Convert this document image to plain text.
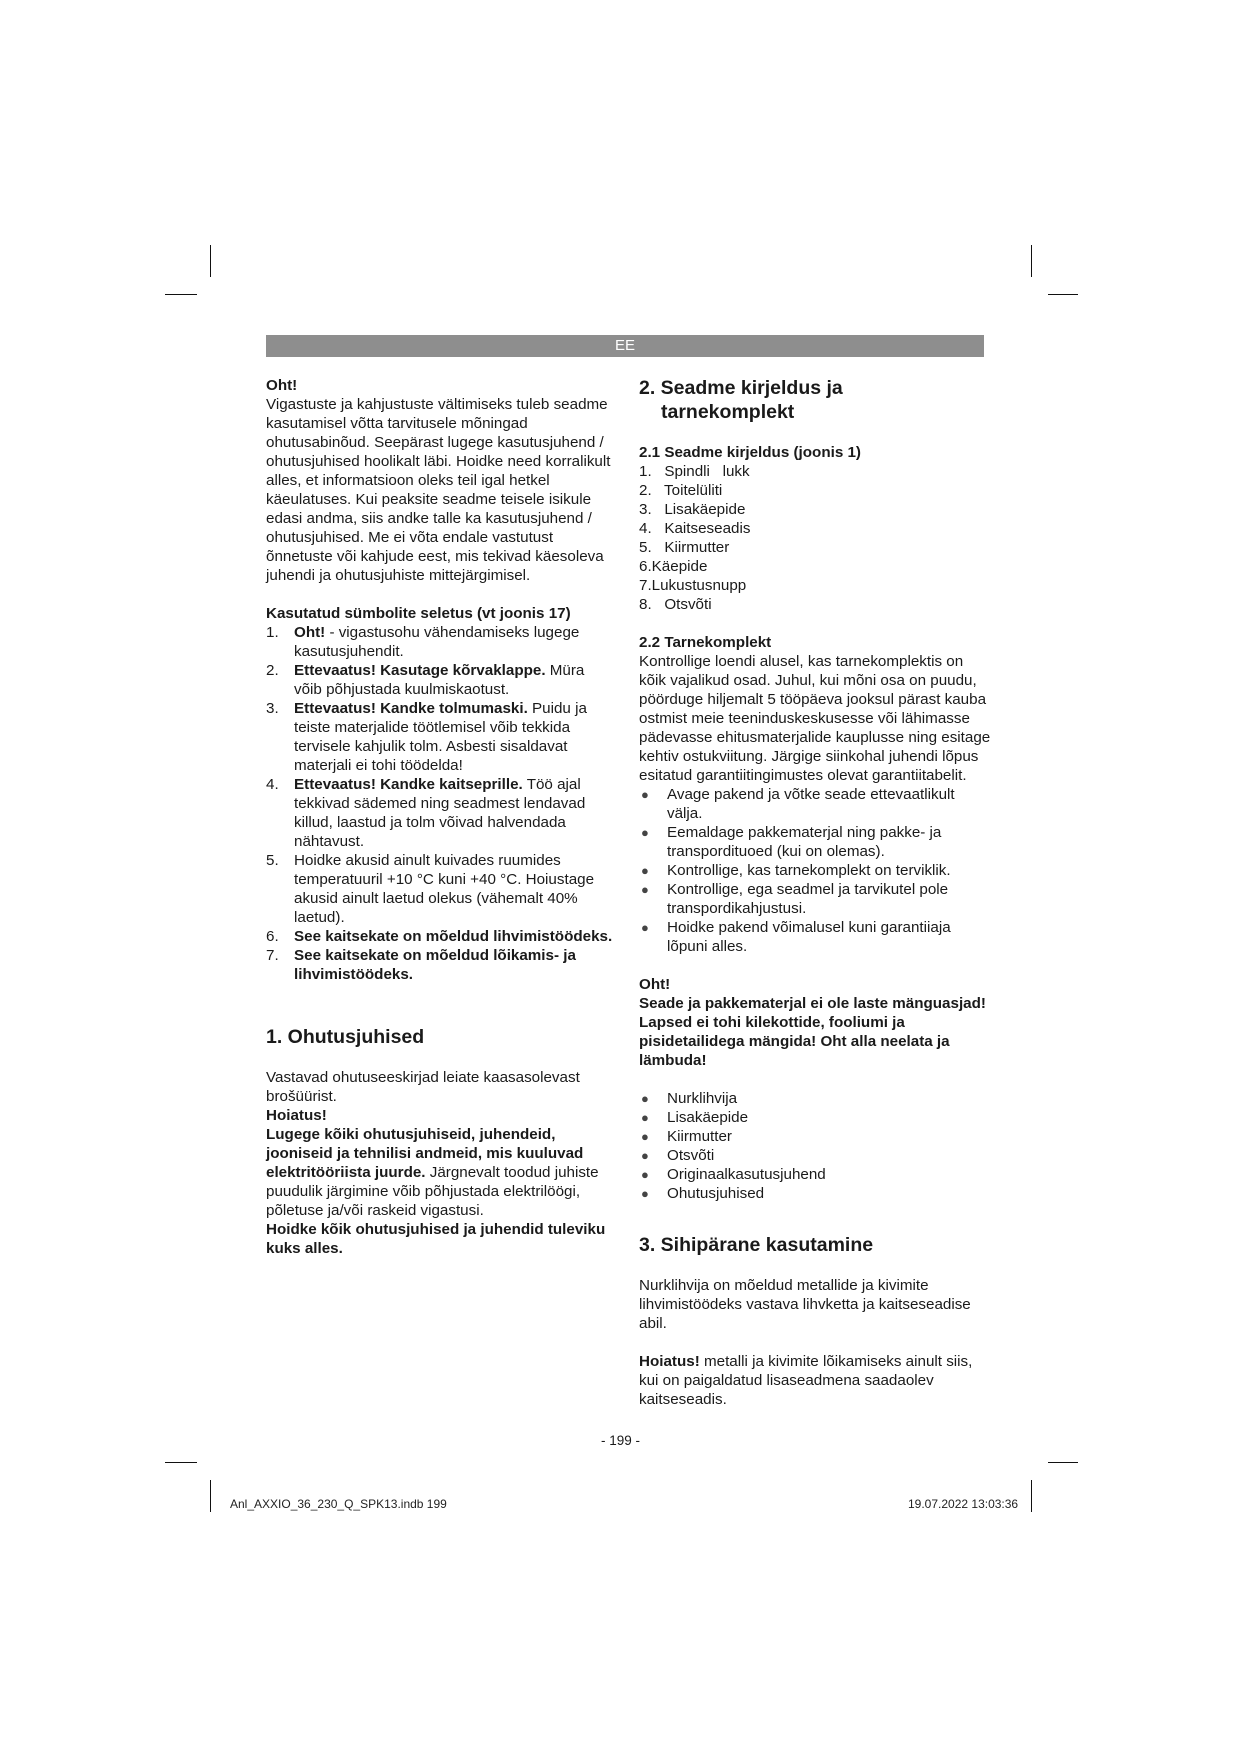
EE

Oht!

Vigastuste ja kahjustuste vältimiseks tuleb seadme kasutamisel võtta tarvitusele mõningad ohutusabinõud. Seepärast lugege kasutusjuhend / ohutusjuhised hoolikalt läbi. Hoidke need korralikult alles, et informatsioon oleks teil igal hetkel käeulatuses. Kui peaksite seadme teisele isikule edasi andma, siis andke talle ka kasutusjuhend / ohutusjuhised. Me ei võta endale vastutust õnnetuste või kahjude eest, mis tekivad käesoleva juhendi ja ohutusjuhiste mittejärgimisel.

Kasutatud sümbolite seletus (vt joonis 17)

1. Oht! - vigastusohu vähendamiseks lugege kasutusjuhendit.
2. Ettevaatus! Kasutage kõrvaklappe. Müra võib põhjustada kuulmiskaotust.
3. Ettevaatus! Kandke tolmumaski. Puidu ja teiste materjalide töötlemisel võib tekkida tervisele kahjulik tolm. Asbesti sisaldavat materjali ei tohi töödelda!
4. Ettevaatus! Kandke kaitseprille. Töö ajal tekkivad sädemed ning seadmest lendavad killud, laastud ja tolm võivad halvendada nähtavust.
5. Hoidke akusid ainult kuivades ruumides temperatuuril +10 °C kuni +40 °C. Hoiustage akusid ainult laetud olekus (vähemalt 40% laetud).
6. See kaitsekate on mõeldud lihvimistöödeks.
7. See kaitsekate on mõeldud lõikamis- ja lihvimistöödeks.

1. Ohutusjuhised

Vastavad ohutuseeskirjad leiate kaasasolevast brošüürist.

Hoiatus!

Lugege kõiki ohutusjuhiseid, juhendeid, jooniseid ja tehnilisi andmeid, mis kuuluvad elektritööriista juurde. Järgnevalt toodud juhiste puudulik järgimine võib põhjustada elektrilöögi, põletuse ja/või raskeid vigastusi.

Hoidke kõik ohutusjuhised ja juhendid tuleviku kuks alles.

2. Seadme kirjeldus ja

tarnekomplekt

2.1 Seadme kirjeldus (joonis 1)

1.   Spindli   lukk
2.   Toitelüliti
3.   Lisakäepide
4.   Kaitseseadis
5.   Kiirmutter
6.Käepide
7.Lukustusnupp
8.   Otsvõti

2.2 Tarnekomplekt

Kontrollige loendi alusel, kas tarnekomplektis on kõik vajalikud osad. Juhul, kui mõni osa on puudu, pöörduge hiljemalt 5 tööpäeva jooksul pärast kauba ostmist meie teeninduskeskusesse või lähimasse pädevasse ehitusmaterjalide kauplusse ning esitage kehtiv ostukviitung. Järgige siinkohal juhendi lõpus esitatud garantiitingimustes olevat garantiitabelit.

● Avage pakend ja võtke seade ettevaatlikult välja.
● Eemaldage pakkematerjal ning pakke- ja transpordituoed (kui on olemas).
● Kontrollige, kas tarnekomplekt on terviklik.
● Kontrollige, ega seadmel ja tarvikutel pole transpordikahjustusi.
● Hoidke pakend võimalusel kuni garantiiaja lõpuni alles.

Oht!

Seade ja pakkematerjal ei ole laste mänguasjad! Lapsed ei tohi kilekottide, fooliumi ja pisidetailidega mängida! Oht alla neelata ja lämbuda!

● Nurklihvija
● Lisakäepide
● Kiirmutter
● Otsvõti
● Originaalkasutusjuhend
● Ohutusjuhised

3. Sihipärane kasutamine

Nurklihvija on mõeldud metallide ja kivimite lihvimistöödeks vastava lihvketta ja kaitseseadise abil.

Hoiatus! metalli ja kivimite lõikamiseks ainult siis, kui on paigaldatud lisaseadmena saadaolev kaitseseadis.

- 199 -
Anl_AXXIO_36_230_Q_SPK13.indb 199	19.07.2022 13:03:36
